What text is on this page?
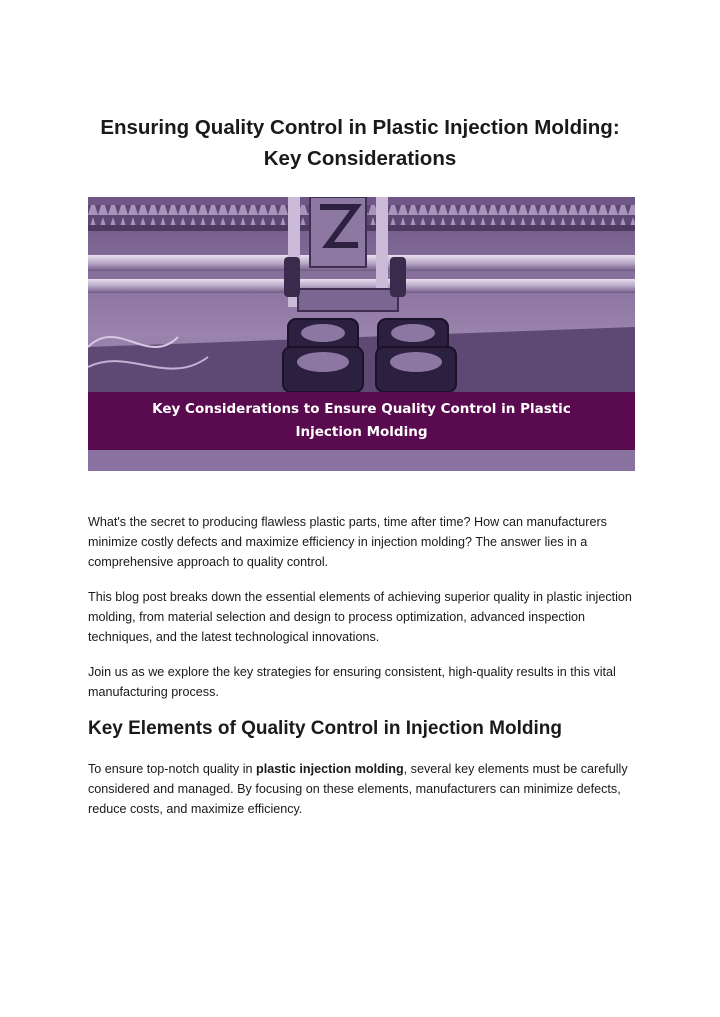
Ensuring Quality Control in Plastic Injection Molding: Key Considerations
Key Considerations to Ensure Quality Control in Plastic Injection Molding

What's the secret to producing flawless plastic parts, time after time? How can manufacturers minimize costly defects and maximize efficiency in injection molding? The answer lies in a comprehensive approach to quality control.

This blog post breaks down the essential elements of achieving superior quality in plastic injection molding, from material selection and design to process optimization, advanced inspection techniques, and the latest technological innovations.

Join us as we explore the key strategies for ensuring consistent, high-quality results in this vital manufacturing process.

Key Elements of Quality Control in Injection Molding

To ensure top-notch quality in plastic injection molding, several key elements must be carefully considered and managed. By focusing on these elements, manufacturers can minimize defects, reduce costs, and maximize efficiency.
